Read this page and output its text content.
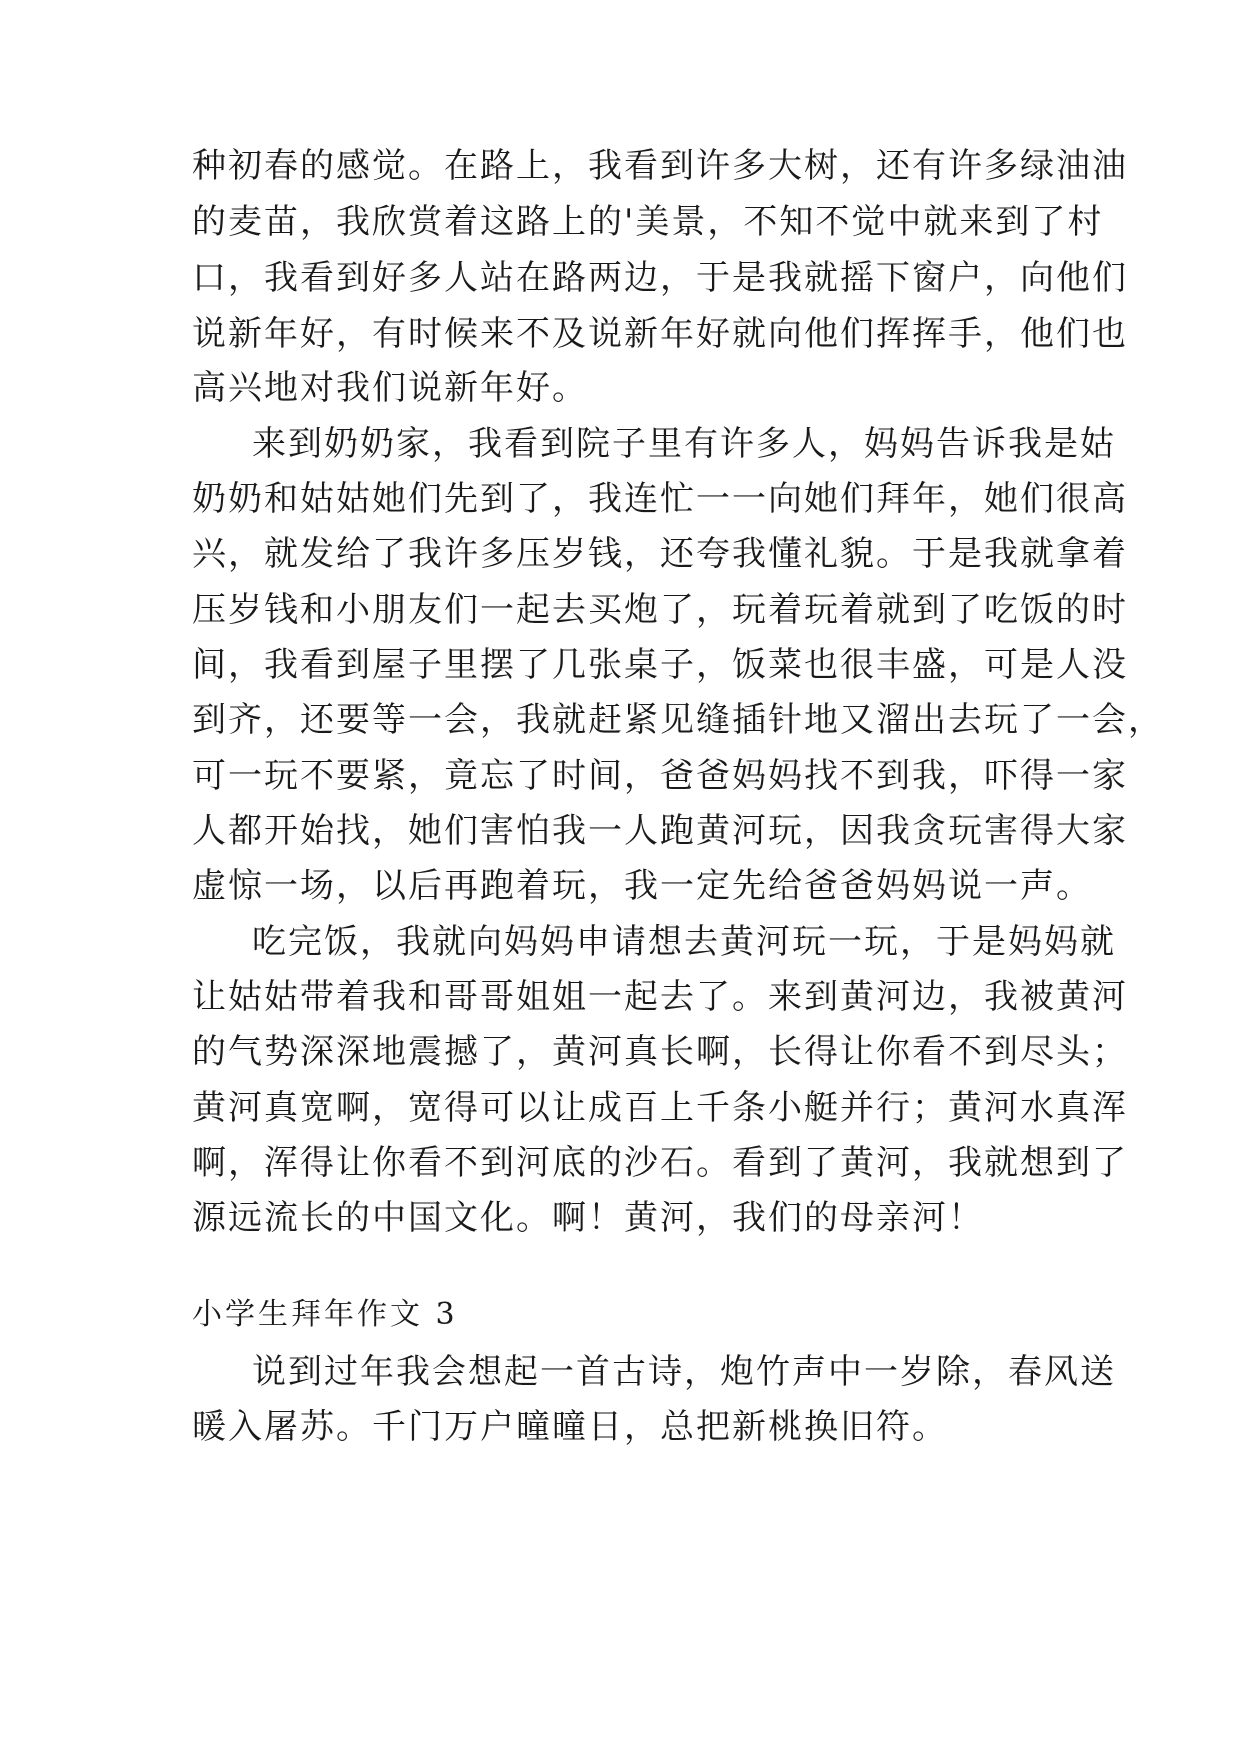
种初春的感觉。在路上，我看到许多大树，还有许多绿油油
的麦苗，我欣赏着这路上的'美景，不知不觉中就来到了村
口，我看到好多人站在路两边，于是我就摇下窗户，向他们
说新年好，有时候来不及说新年好就向他们挥挥手，他们也
高兴地对我们说新年好。
来到奶奶家，我看到院子里有许多人，妈妈告诉我是姑
奶奶和姑姑她们先到了，我连忙一一向她们拜年，她们很高
兴，就发给了我许多压岁钱，还夸我懂礼貌。于是我就拿着
压岁钱和小朋友们一起去买炮了，玩着玩着就到了吃饭的时
间，我看到屋子里摆了几张桌子，饭菜也很丰盛，可是人没
到齐，还要等一会，我就赶紧见缝插针地又溜出去玩了一会，
可一玩不要紧，竟忘了时间，爸爸妈妈找不到我，吓得一家
人都开始找，她们害怕我一人跑黄河玩，因我贪玩害得大家
虚惊一场，以后再跑着玩，我一定先给爸爸妈妈说一声。
吃完饭，我就向妈妈申请想去黄河玩一玩，于是妈妈就
让姑姑带着我和哥哥姐姐一起去了。来到黄河边，我被黄河
的气势深深地震撼了，黄河真长啊，长得让你看不到尽头；
黄河真宽啊，宽得可以让成百上千条小艇并行；黄河水真浑
啊，浑得让你看不到河底的沙石。看到了黄河，我就想到了
源远流长的中国文化。啊！黄河，我们的母亲河！
小学生拜年作文 3
说到过年我会想起一首古诗，炮竹声中一岁除，春风送
暖入屠苏。千门万户曈曈日，总把新桃换旧符。
